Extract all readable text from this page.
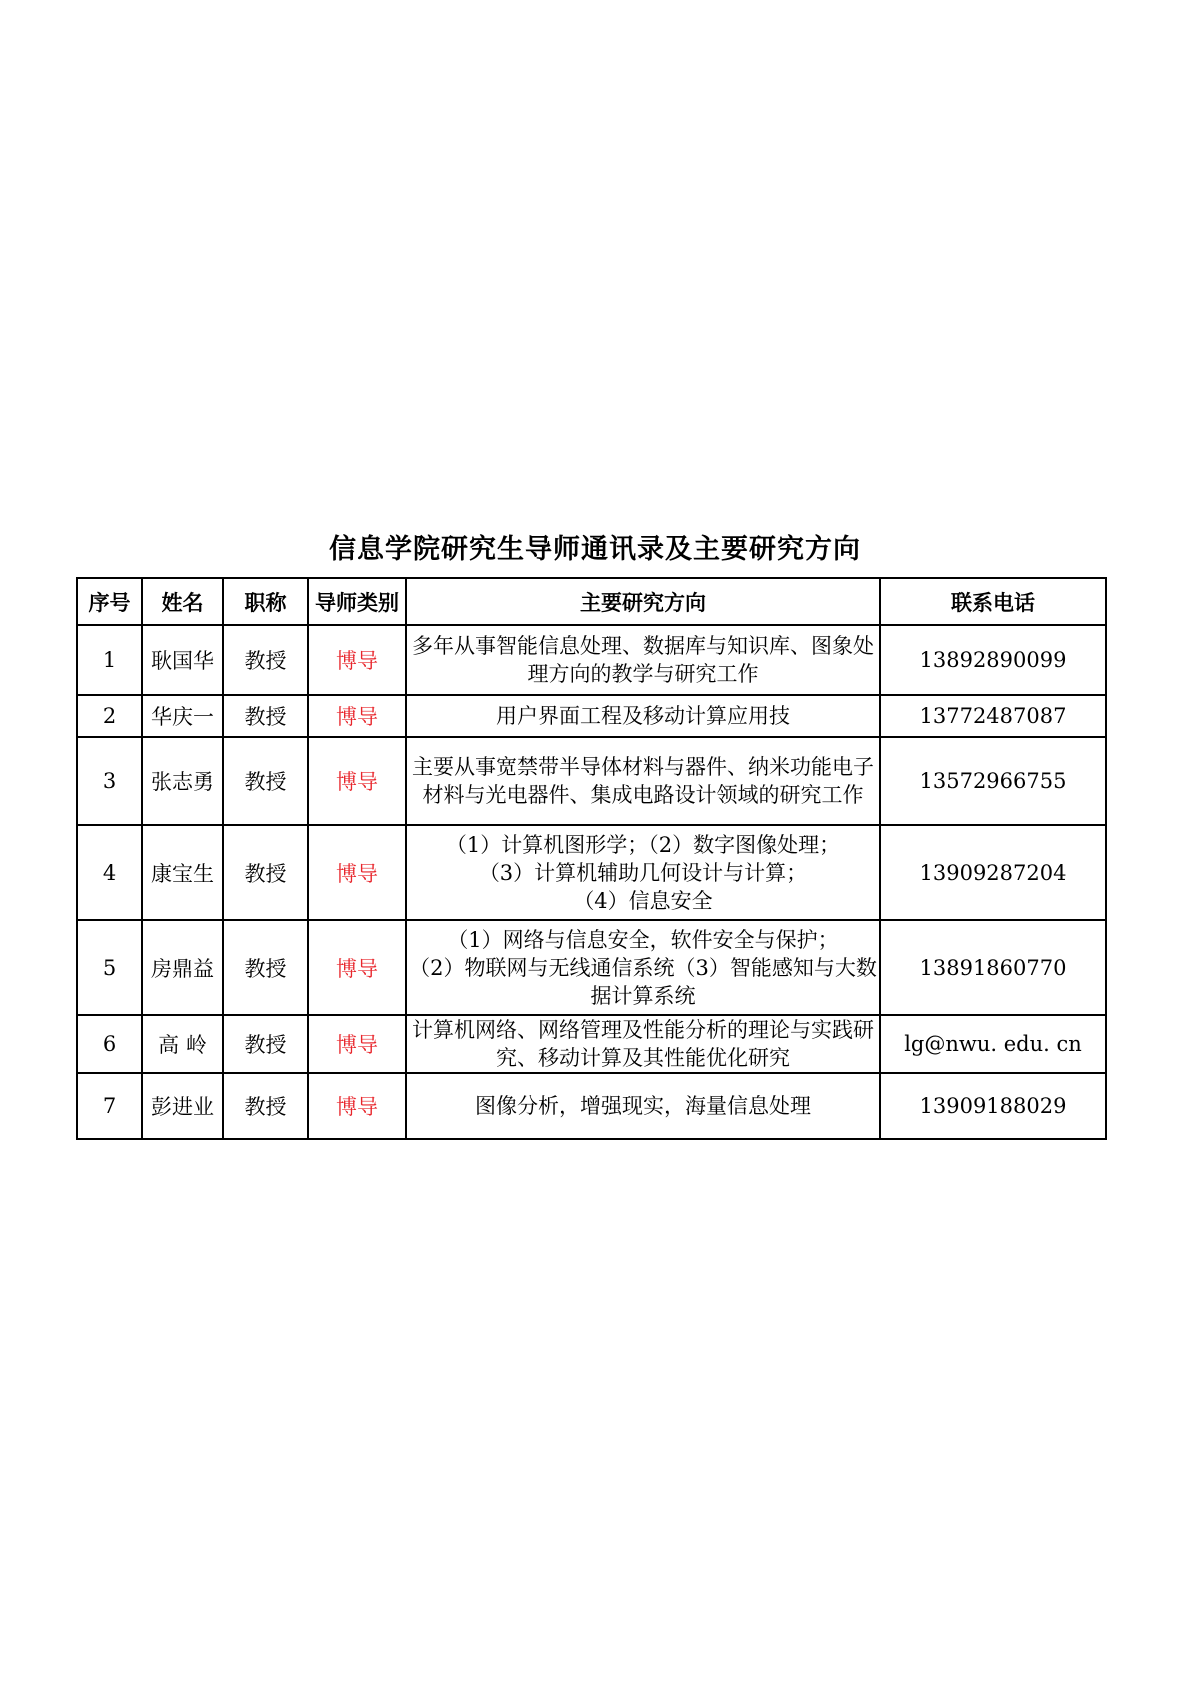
信息学院研究生导师通讯录及主要研究方向
序号	姓名	职称	导师类别	主要研究方向	联系电话
1	耿国华	教授	博导	多年从事智能信息处理、数据库与知识库、图象处理方向的教学与研究工作	13892890099
2	华庆一	教授	博导	用户界面工程及移动计算应用技	13772487087
3	张志勇	教授	博导	主要从事宽禁带半导体材料与器件、纳米功能电子材料与光电器件、集成电路设计领域的研究工作	13572966755
4	康宝生	教授	博导	（1）计算机图形学；（2）数字图像处理；
（3）计算机辅助几何设计与计算；
（4）信息安全	13909287204
5	房鼎益	教授	博导	（1）网络与信息安全，软件安全与保护；
（2）物联网与无线通信系统（3）智能感知与大数据计算系统	13891860770
6	高 岭	教授	博导	计算机网络、网络管理及性能分析的理论与实践研究、移动计算及其性能优化研究	lg@nwu. edu. cn
7	彭进业	教授	博导	图像分析，增强现实，海量信息处理	13909188029
